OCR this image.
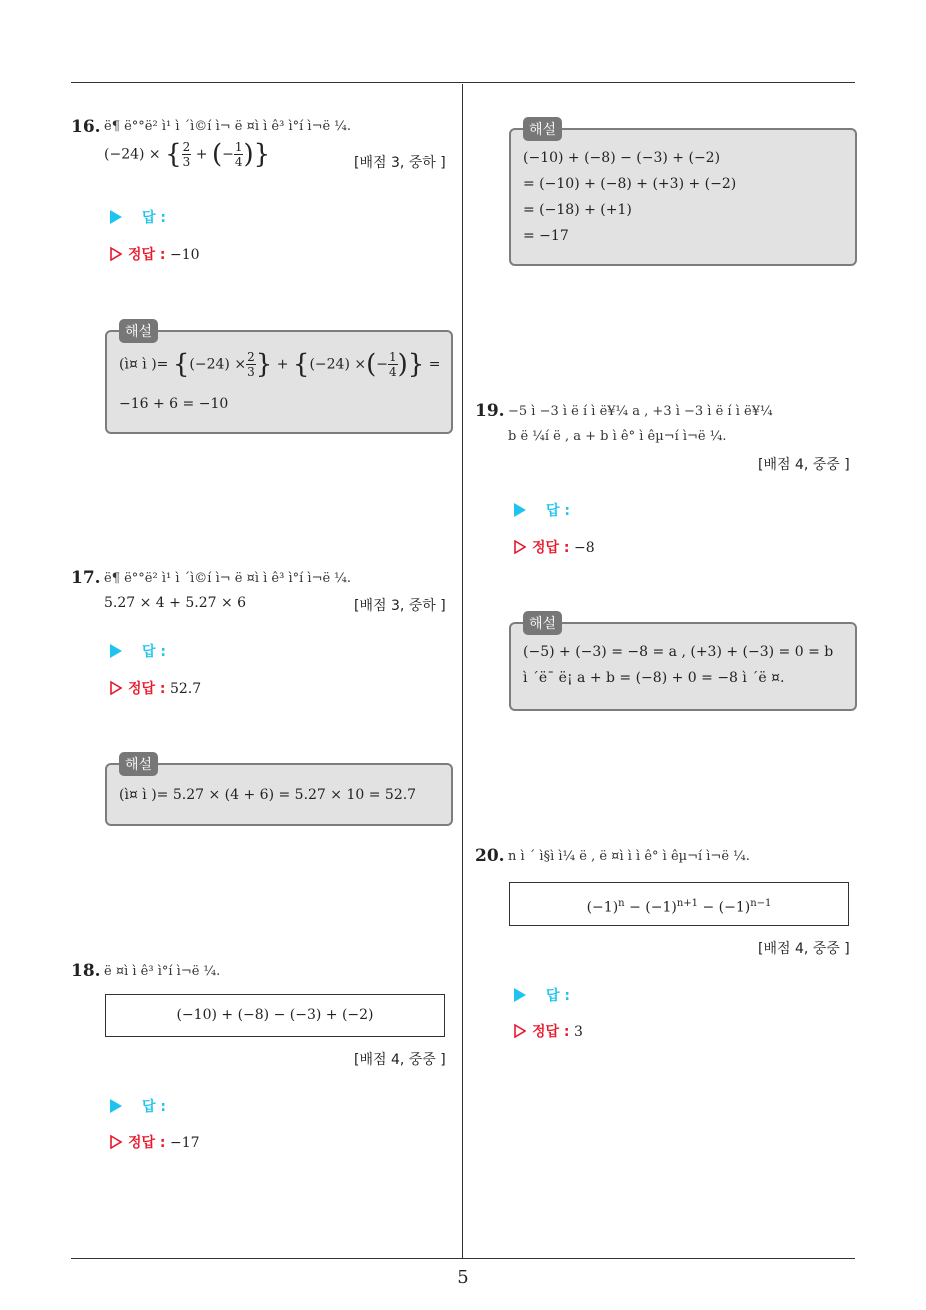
5
16. ë¶ ë°°ë² ì¹ ì ´ì©í ì¬ ë ¤ì ì ê³ ì°í ì¬ë ¼.
(−24) × { $\frac{2}{3}$ + (− $\frac{1}{4}$ )}	[배점 3, 중하 ]
답 :
정답 : −10
해설
(ì¤ ì )= {$(-24) \times \frac{2}{3}$ } + {(−24) ×(− $\frac{1}{4}$ )} =
−16 + 6 = −10
17. ë¶ ë°°ë² ì¹ ì ´ì©í ì¬ ë ¤ì ì ê³ ì°í ì¬ë ¼.
5.27 × 4 + 5.27 × 6	[배점 3, 중하 ]
답 :
정답 : 52.7
해설
(ì¤ ì )= 5.27 × (4 + 6) = 5.27 × 10 = 52.7
18. ë ¤ì ì ê³ ì°í ì¬ë ¼.
(−10) + (−8) − (−3) + (−2)
[배점 4, 중중 ]
답 :
정답 : −17
해설
(−10) + (−8) − (−3) + (−2)
= (−10) + (−8) + (+3) + (−2)
= (−18) + (+1)
= −17
19. −5 ì −3 ì ë í ì ë¥¼ a , +3 ì −3 ì ë í ì ë¥¼
b ë ¼í ë , a + b ì ê° ì êµ¬í ì¬ë ¼.
[배점 4, 중중 ]
답 :
정답 : −8
해설
(−5) + (−3) = −8 = a , (+3) + (−3) = 0 = b
ì ´ë¯ ë¡ a + b = (−8) + 0 = −8 ì ´ë ¤.
20. n ì ´ ì§ì ì¼ ë , ë ¤ì ì ì ê° ì êµ¬í ì¬ë ¼.
$(-1)^n - (-1)^{n+1} - (-1)^{n-1}$
[배점 4, 중중 ]
답 :
정답 : 3
